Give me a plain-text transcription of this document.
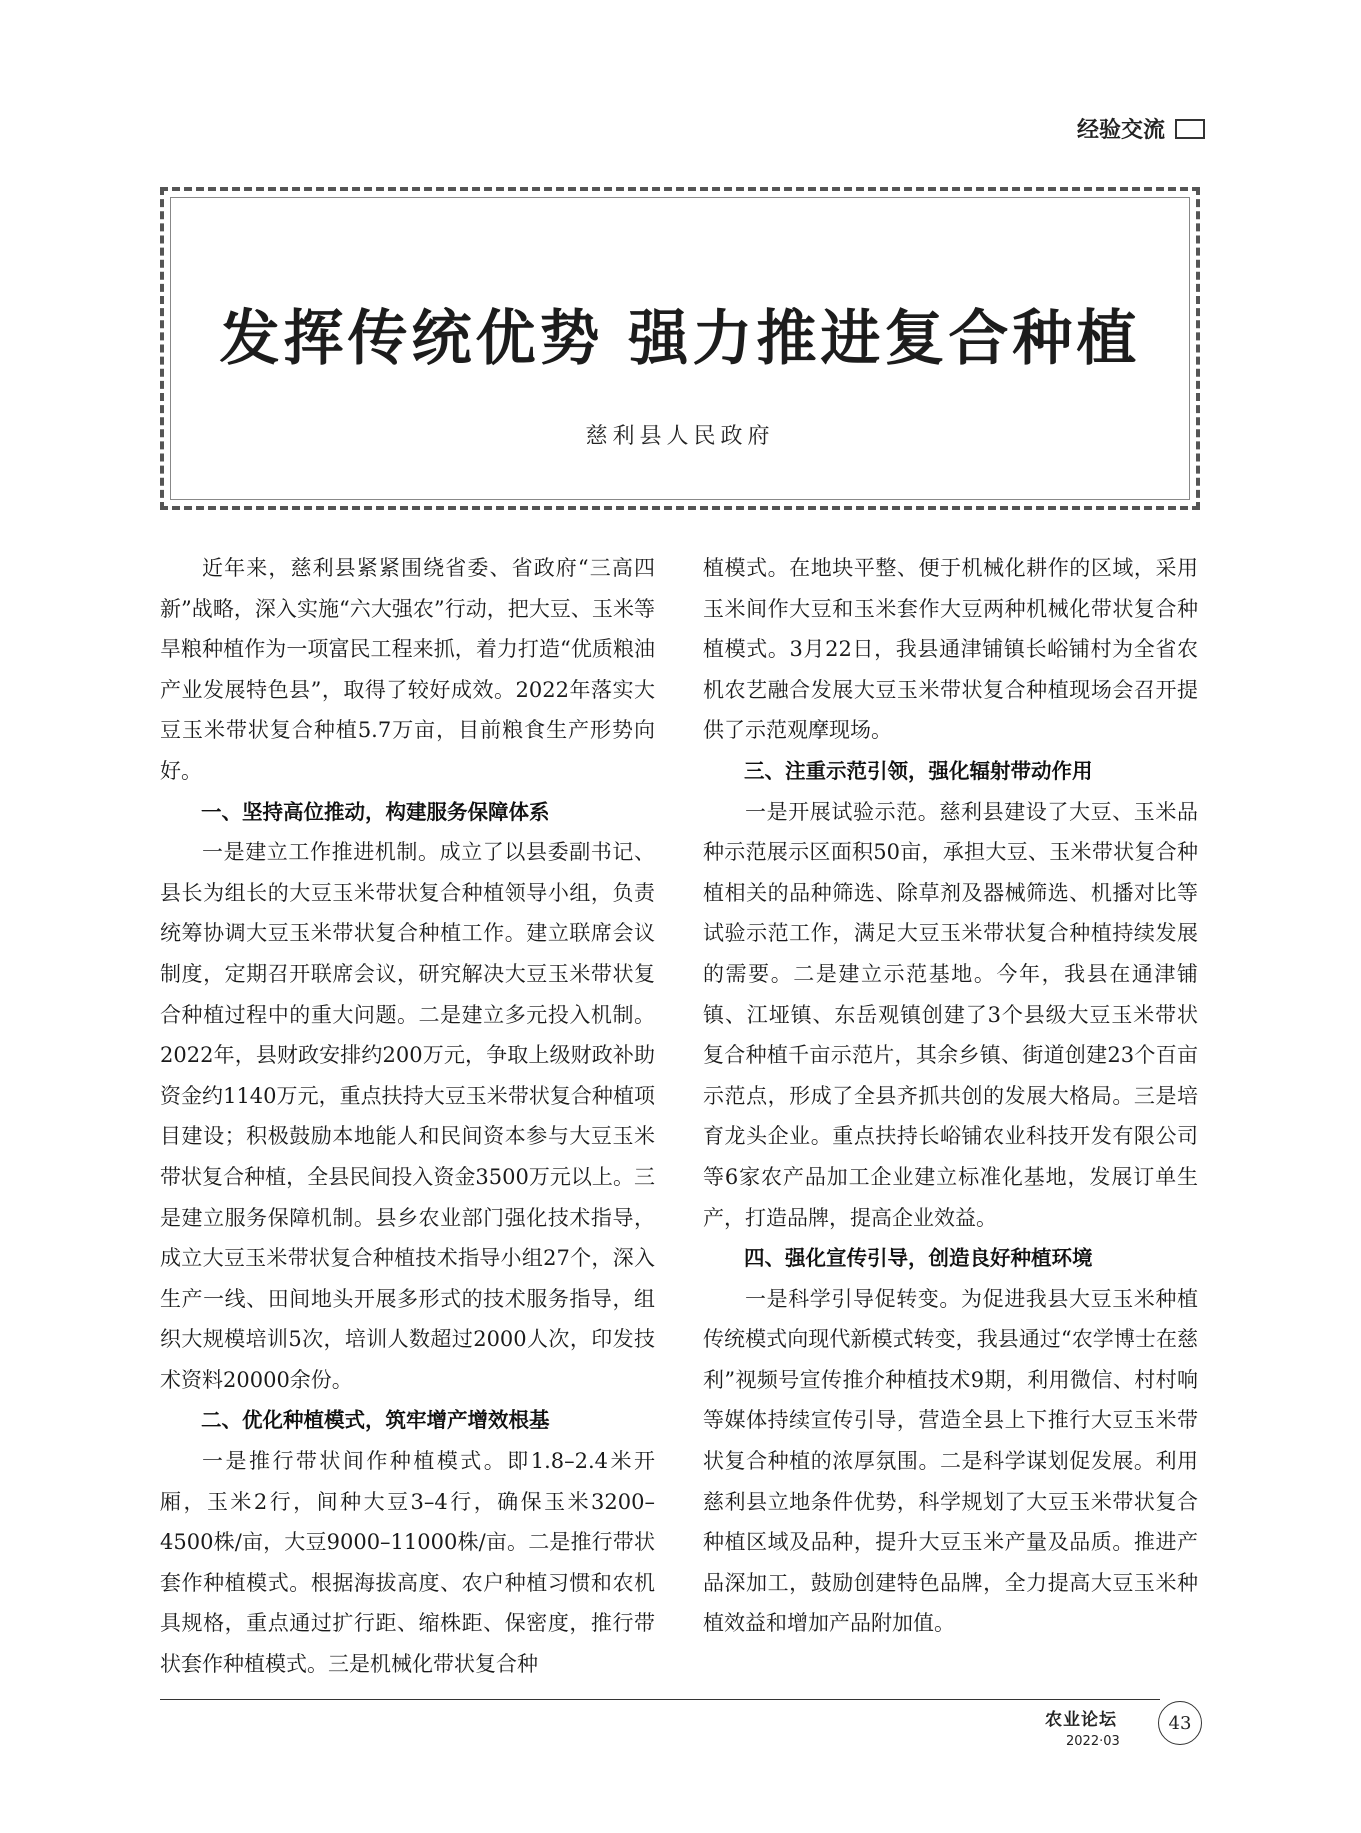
经验交流
发挥传统优势 强力推进复合种植
慈利县人民政府

近年来，慈利县紧紧围绕省委、省政府“三高四新”战略，深入实施“六大强农”行动，把大豆、玉米等旱粮种植作为一项富民工程来抓，着力打造“优质粮油产业发展特色县”，取得了较好成效。2022年落实大豆玉米带状复合种植5.7万亩，目前粮食生产形势向好。

一、坚持高位推动，构建服务保障体系

一是建立工作推进机制。成立了以县委副书记、县长为组长的大豆玉米带状复合种植领导小组，负责统筹协调大豆玉米带状复合种植工作。建立联席会议制度，定期召开联席会议，研究解决大豆玉米带状复合种植过程中的重大问题。二是建立多元投入机制。2022年，县财政安排约200万元，争取上级财政补助资金约1140万元，重点扶持大豆玉米带状复合种植项目建设；积极鼓励本地能人和民间资本参与大豆玉米带状复合种植，全县民间投入资金3500万元以上。三是建立服务保障机制。县乡农业部门强化技术指导，成立大豆玉米带状复合种植技术指导小组27个，深入生产一线、田间地头开展多形式的技术服务指导，组织大规模培训5次，培训人数超过2000人次，印发技术资料20000余份。

二、优化种植模式，筑牢增产增效根基

一是推行带状间作种植模式。即1.8–2.4米开厢，玉米2行，间种大豆3–4行，确保玉米3200–4500株/亩，大豆9000–11000株/亩。二是推行带状套作种植模式。根据海拔高度、农户种植习惯和农机具规格，重点通过扩行距、缩株距、保密度，推行带状套作种植模式。三是机械化带状复合种

植模式。在地块平整、便于机械化耕作的区域，采用玉米间作大豆和玉米套作大豆两种机械化带状复合种植模式。3月22日，我县通津铺镇长峪铺村为全省农机农艺融合发展大豆玉米带状复合种植现场会召开提供了示范观摩现场。

三、注重示范引领，强化辐射带动作用

一是开展试验示范。慈利县建设了大豆、玉米品种示范展示区面积50亩，承担大豆、玉米带状复合种植相关的品种筛选、除草剂及器械筛选、机播对比等试验示范工作，满足大豆玉米带状复合种植持续发展的需要。二是建立示范基地。今年，我县在通津铺镇、江垭镇、东岳观镇创建了3个县级大豆玉米带状复合种植千亩示范片，其余乡镇、街道创建23个百亩示范点，形成了全县齐抓共创的发展大格局。三是培育龙头企业。重点扶持长峪铺农业科技开发有限公司等6家农产品加工企业建立标准化基地，发展订单生产，打造品牌，提高企业效益。

四、强化宣传引导，创造良好种植环境

一是科学引导促转变。为促进我县大豆玉米种植传统模式向现代新模式转变，我县通过“农学博士在慈利”视频号宣传推介种植技术9期，利用微信、村村响等媒体持续宣传引导，营造全县上下推行大豆玉米带状复合种植的浓厚氛围。二是科学谋划促发展。利用慈利县立地条件优势，科学规划了大豆玉米带状复合种植区域及品种，提升大豆玉米产量及品质。推进产品深加工，鼓励创建特色品牌，全力提高大豆玉米种植效益和增加产品附加值。

农业论坛
2022·03
43
